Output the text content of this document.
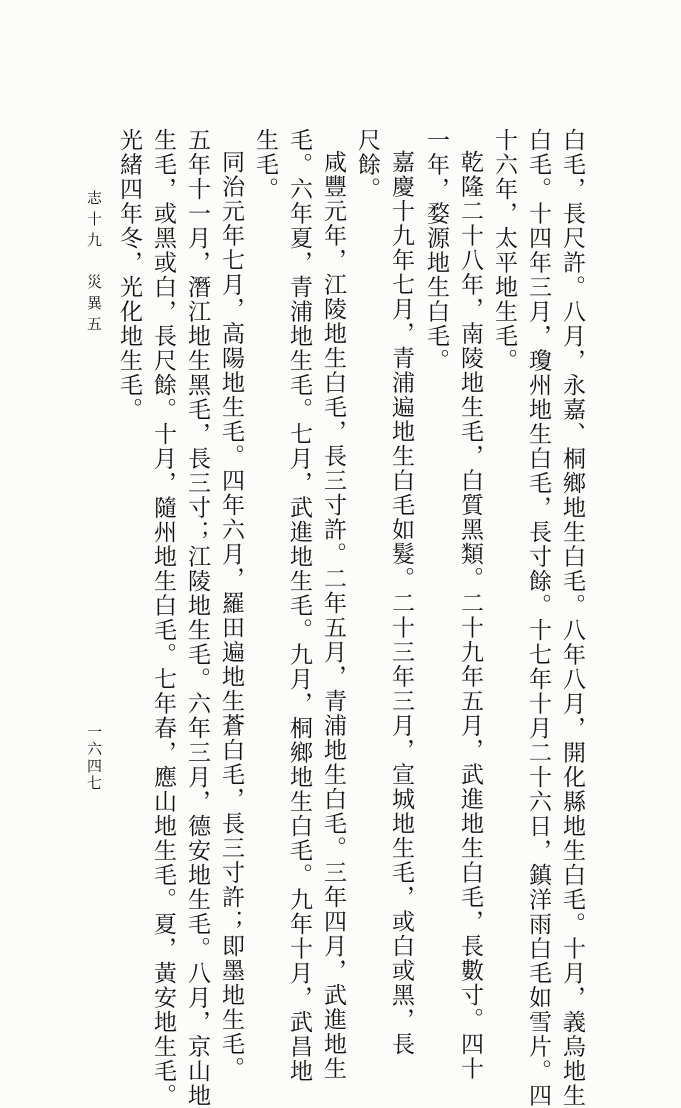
白毛，長尺許。八月，永嘉、桐鄉地生白毛。八年八月，開化縣地生白毛。十月，義烏地生
白毛。十四年三月，瓊州地生白毛，長寸餘。十七年十月二十六日，鎮洋雨白毛如雪片。四
十六年，太平地生毛。
乾隆二十八年，南陵地生毛，白質黑類。二十九年五月，武進地生白毛，長數寸。四十
一年，婺源地生白毛。
嘉慶十九年七月，青浦遍地生白毛如髮。二十三年三月，宣城地生毛，或白或黑，長
尺餘。
咸豐元年，江陵地生白毛，長三寸許。二年五月，青浦地生白毛。三年四月，武進地生
毛。六年夏，青浦地生毛。七月，武進地生毛。九月，桐鄉地生白毛。九年十月，武昌地
生毛。
同治元年七月，高陽地生毛。四年六月，羅田遍地生蒼白毛，長三寸許；即墨地生毛。
五年十一月，潛江地生黑毛，長三寸；江陵地生毛。六年三月，德安地生毛。八月，京山地
生毛，或黑或白，長尺餘。十月，隨州地生白毛。七年春，應山地生毛。夏，黃安地生毛。
光緒四年冬，光化地生毛。
志十九　災異五
一六四七
